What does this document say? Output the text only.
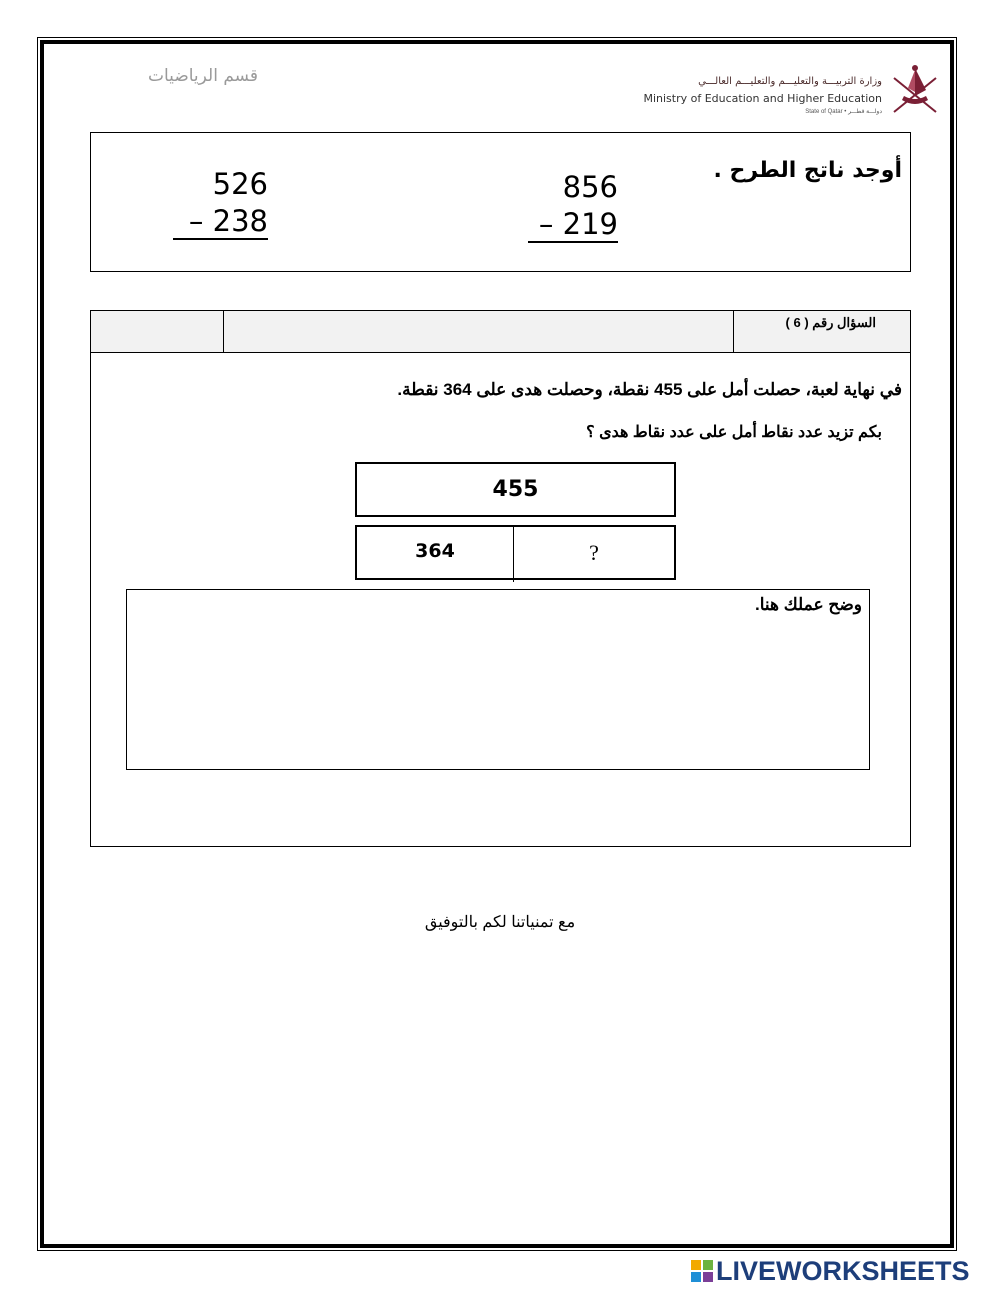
قسم الرياضيات	وزارة التربيـــة والتعليـــم والتعليـــم العالـــي
Ministry of Education and Higher Education
State of Qatar • دولـــة قطـــر
أوجد ناتج الطرح .
856
– 219
526
– 238
السؤال رقم ( 6 )
في نهاية لعبة، حصلت أمل على 455 نقطة، وحصلت هدى على 364 نقطة.
بكم تزيد عدد نقاط أمل على عدد نقاط هدى ؟
455
364	?
وضح عملك هنا.
مع تمنياتنا لكم بالتوفيق
LIVEWORKSHEETS
